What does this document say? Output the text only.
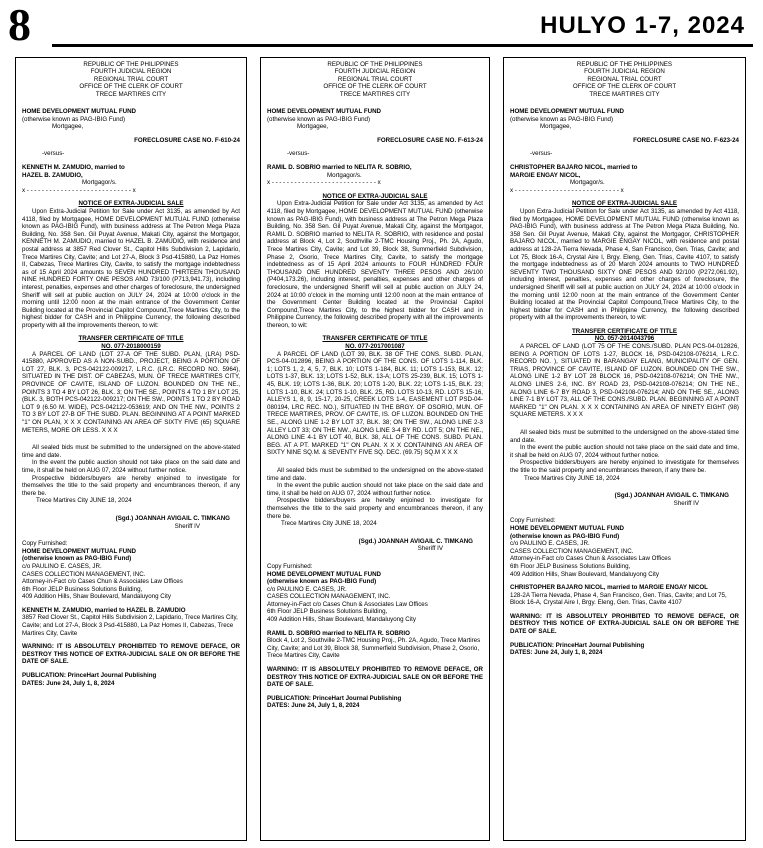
8	HULYO 1-7, 2024
REPUBLIC OF THE PHILIPPINES
FOURTH JUDICIAL REGION
REGIONAL TRIAL COURT
OFFICE OF THE CLERK OF COURT
TRECE MARTIRES CITY
HOME DEVELOPMENT MUTUAL FUND
(otherwise known as PAG-IBIG Fund)
Mortgagee,
FORECLOSURE CASE NO. F-610-24
-versus-
KENNETH M. ZAMUDIO, married to
HAZEL B. ZAMUDIO,
Mortgagor/s.
x - - - - - - - - - - - - - - - - - - - - - - - - - - - - x
NOTICE OF EXTRA-JUDICIAL SALE

Upon Extra-Judicial Petition for Sale under Act 3135, as amended by Act 4118, filed by Mortgagee, HOME DEVELOPMENT MUTUAL FUND (otherwise known as PAG-IBIG Fund), with business address at The Petron Mega Plaza Building, No. 358 Sen. Gil Puyat Avenue, Makati City, against the Mortgagor, KENNETH M. ZAMUDIO, married to HAZEL B. ZAMUDIO, with residence and postal address at 3857 Red Clover St., Capitol Hills Subdivision 2, Lapidario, Trece Martires City, Cavite; and Lot 27-A, Block 3 Psd-415880, La Paz Homes II, Cabezas, Trece Martires City, Cavite, to satisfy the mortgage indebtedness as of 15 April 2024 amounts to SEVEN HUNDRED THIRTEEN THOUSAND NINE HUNDRED FORTY ONE PESOS AND 73/100 (P713,941.73), including interest, penalties, expenses and other charges of foreclosure, the undersigned Sheriff will sell at public auction on JULY 24, 2024 at 10:00 o'clock in the morning until 12:00 noon at the main entrance of the Government Center Building located at the Provincial Capitol Compound,Trece Martires City, to the highest bidder for CASH and in Philippine Currency, the following described property with all the improvements thereon, to wit:

TRANSFER CERTIFICATE OF TITLE
NO. 077-2018000159

A PARCEL OF LAND (LOT 27-A OF THE SUBD. PLAN, (LRA) PSD-415880, APPROVED AS A NON-SUBD., PROJECT, BEING A PORTION OF LOT 27, BLK. 3, PCS-042122-009217, L.R.C. (LR.C. RECORD NO. 5964), SITUATED IN THE DIST. OF CABEZAS, MUN. OF TRECE MARTIRES CITY, PROVINCE OF CAVITE, ISLAND OF LUZON. BOUNDED ON THE NE., POINTS 3 TO 4 BY LOT 26, BLK. 3; ON THE SE., POINTS 4 TO 1 BY LOT 25, (BLK. 3, BOTH PCS-042122-009217; ON THE SW., POINTS 1 TO 2 BY ROAD LOT 9 (6.50 M. WIDE), PCS-042122-053619; AND ON THE NW., POINTS 2 TO 3 BY LOT 27-B OF THE SUBD. PLAN. BEGINNING AT A POINT MARKED "1" ON PLAN, X X X CONTAINING AN AREA OF SIXTY FIVE (65) SQUARE METERS, MORE OR LESS. X X X

All sealed bids must be submitted to the undersigned on the above-stated time and date.

In the event the public auction should not take place on the said date and time, it shall be held on AUG 07, 2024 without further notice.

Prospective bidders/buyers are hereby enjoined to investigate for themselves the title to the said property and encumbrances thereon, if any there be.

Trece Martires City JUNE 18, 2024
(Sgd.) JOANNAH AVIGAIL C. TIMKANG
Sheriff IV
Copy Furnished:
HOME DEVELOPMENT MUTUAL FUND
(otherwise known as PAG-IBIG Fund)
c/o PAULINO E. CASES, JR.
CASES COLLECTION MANAGEMENT, INC.
Attorney-in-Fact c/o Cases Chun & Associates Law Offices
6th Floor JELP Business Solutions Building,
409 Addition Hills, Shaw Boulevard, Mandaluyong City
KENNETH M. ZAMUDIO, married to HAZEL B. ZAMUDIO
3857 Red Clover St., Capitol Hills Subdivision 2, Lapidario, Trece Martires City, Cavite; and Lot 27-A, Block 3 Psd-415880, La Paz Homes II, Cabezas, Trece Martires City, Cavite

WARNING: IT IS ABSOLUTELY PROHIBITED TO REMOVE DEFACE, OR DESTROY THIS NOTICE OF EXTRA-JUDICIAL SALE ON OR BEFORE THE DATE OF SALE.

PUBLICATION: PrinceHart Journal Publishing
DATES: June 24, July 1, 8, 2024
REPUBLIC OF THE PHILIPPINES
FOURTH JUDICIAL REGION
REGIONAL TRIAL COURT
OFFICE OF THE CLERK OF COURT
TRECE MARTIRES CITY
HOME DEVELOPMENT MUTUAL FUND
(otherwise known as PAG-IBIG Fund)
Mortgagee,
FORECLOSURE CASE NO. F-613-24
-versus-
RAMIL D. SOBRIO married to NELITA R. SOBRIO,
Mortgagor/s.
x - - - - - - - - - - - - - - - - - - - - - - - - - - - - x
NOTICE OF EXTRA-JUDICIAL SALE

Upon Extra-Judicial Petition for Sale under Act 3135, as amended by Act 4118, filed by Mortgagee, HOME DEVELOPMENT MUTUAL FUND (otherwise known as PAG-IBIG Fund), with business address at The Petron Mega Plaza Building, No. 358 Sen. Gil Puyat Avenue, Makati City, against the Mortgagor, RAMIL D. SOBRIO married to NELITA R. SOBRIO, with residence and postal address at Block 4, Lot 2, Southville 2-TMC Housing Proj., Ph. 2A, Agudo, Trece Martires City, Cavite; and Lot 39, Block 38, Summerfield Subdivision, Phase 2, Osorio, Trece Martires City, Cavite, to satisfy the mortgage indebtedness as of 15 April 2024 amounts to FOUR HUNDRED FOUR THOUSAND ONE HUNDRED SEVENTY THREE PESOS AND 26/100 (P404,173.26), including interest, penalties, expenses and other charges of foreclosure, the undersigned Sheriff will sell at public auction on JULY 24, 2024 at 10:00 o'clock in the morning until 12:00 noon at the main entrance of the Government Center Building located at the Provincial Capitol Compound,Trece Martires City, to the highest bidder for CASH and in Philippine Currency, the following described property with all the improvements thereon, to wit:

TRANSFER CERTIFICATE OF TITLE
NO. 077-2017001087

A PARCEL OF LAND (LOT 39, BLK. 38 OF THE CONS. SUBD. PLAN, PCS-04-012896, BEING A PORTION OF THE CONS. OF LOTS 1-114, BLK. 1; LOTS 1, 2, 4, 5, 7, BLK. 10; LOTS 1-184, BLK. 11; LOTS 1-153, BLK. 12; LOTS 1-37, BLK. 13; LOTS 1-52, BLK. 13-A; LOTS 25-239, BLK. 15; LOTS 1-45, BLK. 19; LOTS 1-36, BLK. 20; LOTS 1-20, BLK. 22; LOTS 1-15, BLK. 23; LOTS 1-10, BLK. 24; LOTS 1-10, BLK. 25, RD. LOTS 10-13, RD. LOTS 15-16, ALLEYS 1, 8, 9, 15-17, 20-25, CREEK LOTS 1-4, EASEMENT LOT PSD-04-080194, LRC REC. NO.), SITUATED IN THE BRGY. OF OSORIO, MUN. OF TRECE MARTIRES, PROV. OF CAVITE, IS. OF LUZON. BOUNDED ON THE SE., ALONG LINE 1-2 BY LOT 37, BLK. 38; ON THE SW., ALONG LINE 2-3 ALLEY LOT 33; ON THE NW., ALONG LINE 3-4 BY RD. LOT 5; ON THE NE., ALONG LINE 4-1 BY LOT 40, BLK. 38, ALL OF THE CONS. SUBD. PLAN. BEG. AT A PT. MARKED "1" ON PLAN. X X X CONTAINING AN AREA OF SIXTY NINE SQ.M. & SEVENTY FIVE SQ. DEC. (69.75) SQ.M X X X

All sealed bids must be submitted to the undersigned on the above-stated time and date.

In the event the public auction should not take place on the said date and time, it shall be held on AUG 07, 2024 without further notice.

Prospective bidders/buyers are hereby enjoined to investigate for themselves the title to the said property and encumbrances thereon, if any there be.

Trece Martires City JUNE 18, 2024
(Sgd.) JOANNAH AVIGAIL C. TIMKANG
Sheriff IV
Copy Furnished:
HOME DEVELOPMENT MUTUAL FUND
(otherwise known as PAG-IBIG Fund)
c/o PAULINO E. CASES, JR.
CASES COLLECTION MANAGEMENT, INC.
Attorney-in-Fact c/o Cases Chun & Associates Law Offices
6th Floor JELP Business Solutions Building,
409 Addition Hills, Shaw Boulevard, Mandaluyong City
RAMIL D. SOBRIO married to NELITA R. SOBRIO
Block 4, Lot 2, Southville 2-TMC Housing Proj., Ph. 2A, Agudo, Trece Martires City, Cavite; and Lot 39, Block 38, Summerfield Subdivision, Phase 2, Osorio, Trece Martires City, Cavite

WARNING: IT IS ABSOLUTELY PROHIBITED TO REMOVE DEFACE, OR DESTROY THIS NOTICE OF EXTRA-JUDICIAL SALE ON OR BEFORE THE DATE OF SALE.

PUBLICATION: PrinceHart Journal Publishing
DATES: June 24, July 1, 8, 2024
REPUBLIC OF THE PHILIPPINES
FOURTH JUDICIAL REGION
REGIONAL TRIAL COURT
OFFICE OF THE CLERK OF COURT
TRECE MARTIRES CITY
HOME DEVELOPMENT MUTUAL FUND
(otherwise known as PAG-IBIG Fund)
Mortgagee,
FORECLOSURE CASE NO. F-623-24
-versus-
CHRISTOPHER BAJARO NICOL, married to
MARGIE ENGAY NICOL,
Mortgagor/s.
x - - - - - - - - - - - - - - - - - - - - - - - - - - - - x
NOTICE OF EXTRA-JUDICIAL SALE

Upon Extra-Judicial Petition for Sale under Act 3135, as amended by Act 4118, filed by Mortgagee, HOME DEVELOPMENT MUTUAL FUND (otherwise known as PAG-IBIG Fund), with business address at The Petron Mega Plaza Building, No. 358 Sen. Gil Puyat Avenue, Makati City, against the Mortgagor, CHRISTOPHER BAJARO NICOL, married to MARGIE ENGAY NICOL, with residence and postal address at 128-2A Tierra Nevada, Phase 4, San Francisco, Gen. Trias, Cavite; and Lot 75, Block 16-A, Crystal Aire I, Brgy. Eleng, Gen. Trias, Cavite 4107, to satisfy the mortgage indebtedness as of 20 March 2024 amounts to TWO HUNDRED SEVENTY TWO THOUSAND SIXTY ONE PESOS AND 92/100 (P272,061.92), including interest, penalties, expenses and other charges of foreclosure, the undersigned Sheriff will sell at public auction on JULY 24, 2024 at 10:00 o'clock in the morning until 12:00 noon at the main entrance of the Government Center Building located at the Provincial Capitol Compound,Trece Martires City, to the highest bidder for CASH and in Philippine Currency, the following described property with all the improvements thereon, to wit:

TRANSFER CERTIFICATE OF TITLE
NO. 057-2014043796

A PARCEL OF LAND (LOT 75 OF THE CONS./SUBD. PLAN PCS-04-012826, BEING A PORTION OF LOTS 1-27, BLOCK 16, PSD-042108-076214, L.R.C. RECORD NO. ), SITUATED IN BARANGAY ELANG, MUNICIPALITY OF GEN. TRIAS, PROVINCE OF CAVITE, ISLAND OF LUZON. BOUNDED ON THE SW., ALONG LINE 1-2 BY LOT 28 BLOCK 16, PSD-042108-076214; ON THE NW., ALONG LINES 2-6, INC. BY ROAD 23, PSD-042108-076214; ON THE NE., ALONG LINE 6-7 BY ROAD 3, PSD-042108-076214; AND ON THE SE., ALONG LINE 7-1 BY LOT 73, ALL OF THE CONS./SUBD. PLAN. BEGINNING AT A POINT MARKED "1" ON PLAN. X X X CONTAINING AN AREA OF NINETY EIGHT (98) SQUARE METERS. X X X

All sealed bids must be submitted to the undersigned on the above-stated time and date.

In the event the public auction should not take place on the said date and time, it shall be held on AUG 07, 2024 without further notice.

Prospective bidders/buyers are hereby enjoined to investigate for themselves the title to the said property and encumbrances thereon, if any there be.

Trece Martires City JUNE 18, 2024
(Sgd.) JOANNAH AVIGAIL C. TIMKANG
Sheriff IV
Copy Furnished:
HOME DEVELOPMENT MUTUAL FUND
(otherwise known as PAG-IBIG Fund)
c/o PAULINO E. CASES, JR.
CASES COLLECTION MANAGEMENT, INC.
Attorney-in-Fact c/o Cases Chun & Associates Law Offices
6th Floor JELP Business Solutions Building,
409 Addition Hills, Shaw Boulevard, Mandaluyong City
CHRISTOPHER BAJARO NICOL, married to MARGIE ENGAY NICOL
128-2A Tierra Nevada, Phase 4, San Francisco, Gen. Trias, Cavite; and Lot 75, Block 16-A, Crystal Aire I, Brgy. Eleng, Gen. Trias, Cavite 4107

WARNING: IT IS ABSOLUTELY PROHIBITED TO REMOVE DEFACE, OR DESTROY THIS NOTICE OF EXTRA-JUDICIAL SALE ON OR BEFORE THE DATE OF SALE.

PUBLICATION: PrinceHart Journal Publishing
DATES: June 24, July 1, 8, 2024
